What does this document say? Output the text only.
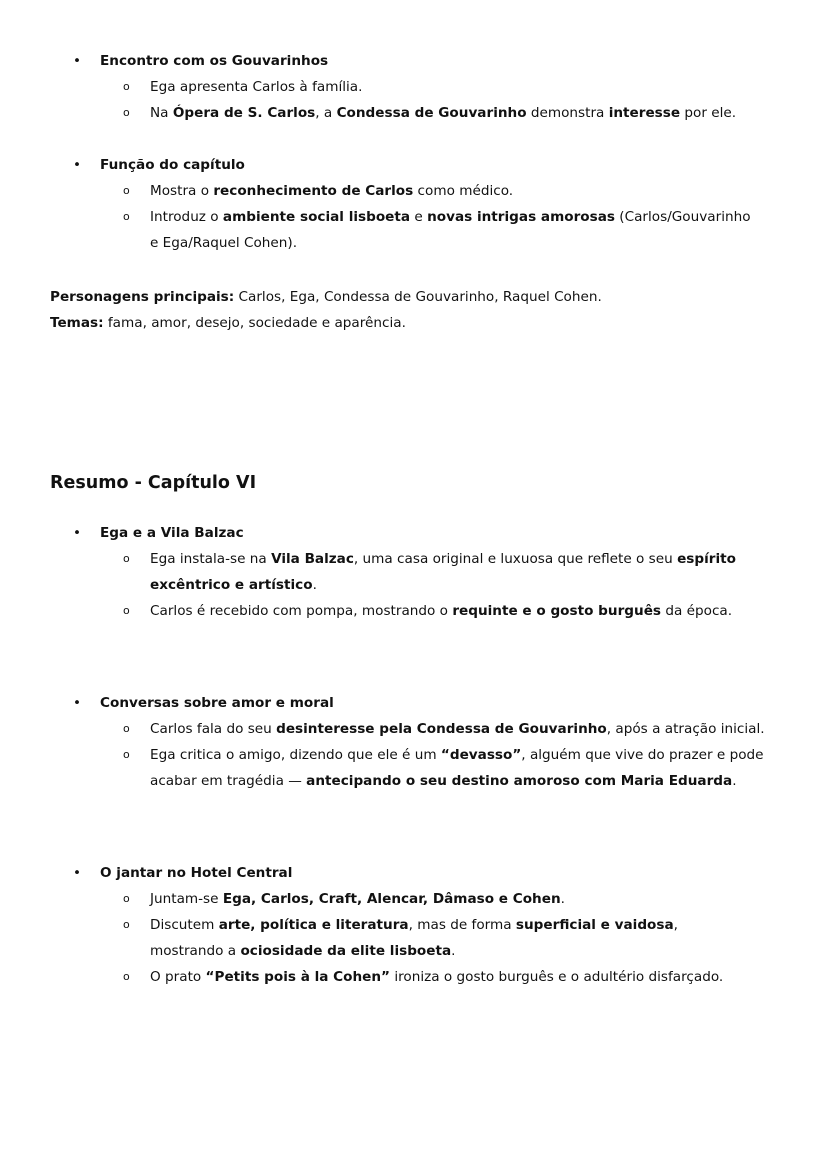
• Encontro com os Gouvarinhos
o Ega apresenta Carlos à família.
o Na Ópera de S. Carlos, a Condessa de Gouvarinho demonstra interesse por ele.
• Função do capítulo
o Mostra o reconhecimento de Carlos como médico.
o Introduz o ambiente social lisboeta e novas intrigas amorosas (Carlos/Gouvarinho e Ega/Raquel Cohen).
Personagens principais: Carlos, Ega, Condessa de Gouvarinho, Raquel Cohen.
Temas: fama, amor, desejo, sociedade e aparência.
Resumo - Capítulo VI
• Ega e a Vila Balzac
o Ega instala-se na Vila Balzac, uma casa original e luxuosa que reflete o seu espírito excêntrico e artístico.
o Carlos é recebido com pompa, mostrando o requinte e o gosto burguês da época.
• Conversas sobre amor e moral
o Carlos fala do seu desinteresse pela Condessa de Gouvarinho, após a atração inicial.
o Ega critica o amigo, dizendo que ele é um “devasso”, alguém que vive do prazer e pode acabar em tragédia — antecipando o seu destino amoroso com Maria Eduarda.
• O jantar no Hotel Central
o Juntam-se Ega, Carlos, Craft, Alencar, Dâmaso e Cohen.
o Discutem arte, política e literatura, mas de forma superficial e vaidosa, mostrando a ociosidade da elite lisboeta.
o O prato “Petits pois à la Cohen” ironiza o gosto burguês e o adultério disfarçado.
